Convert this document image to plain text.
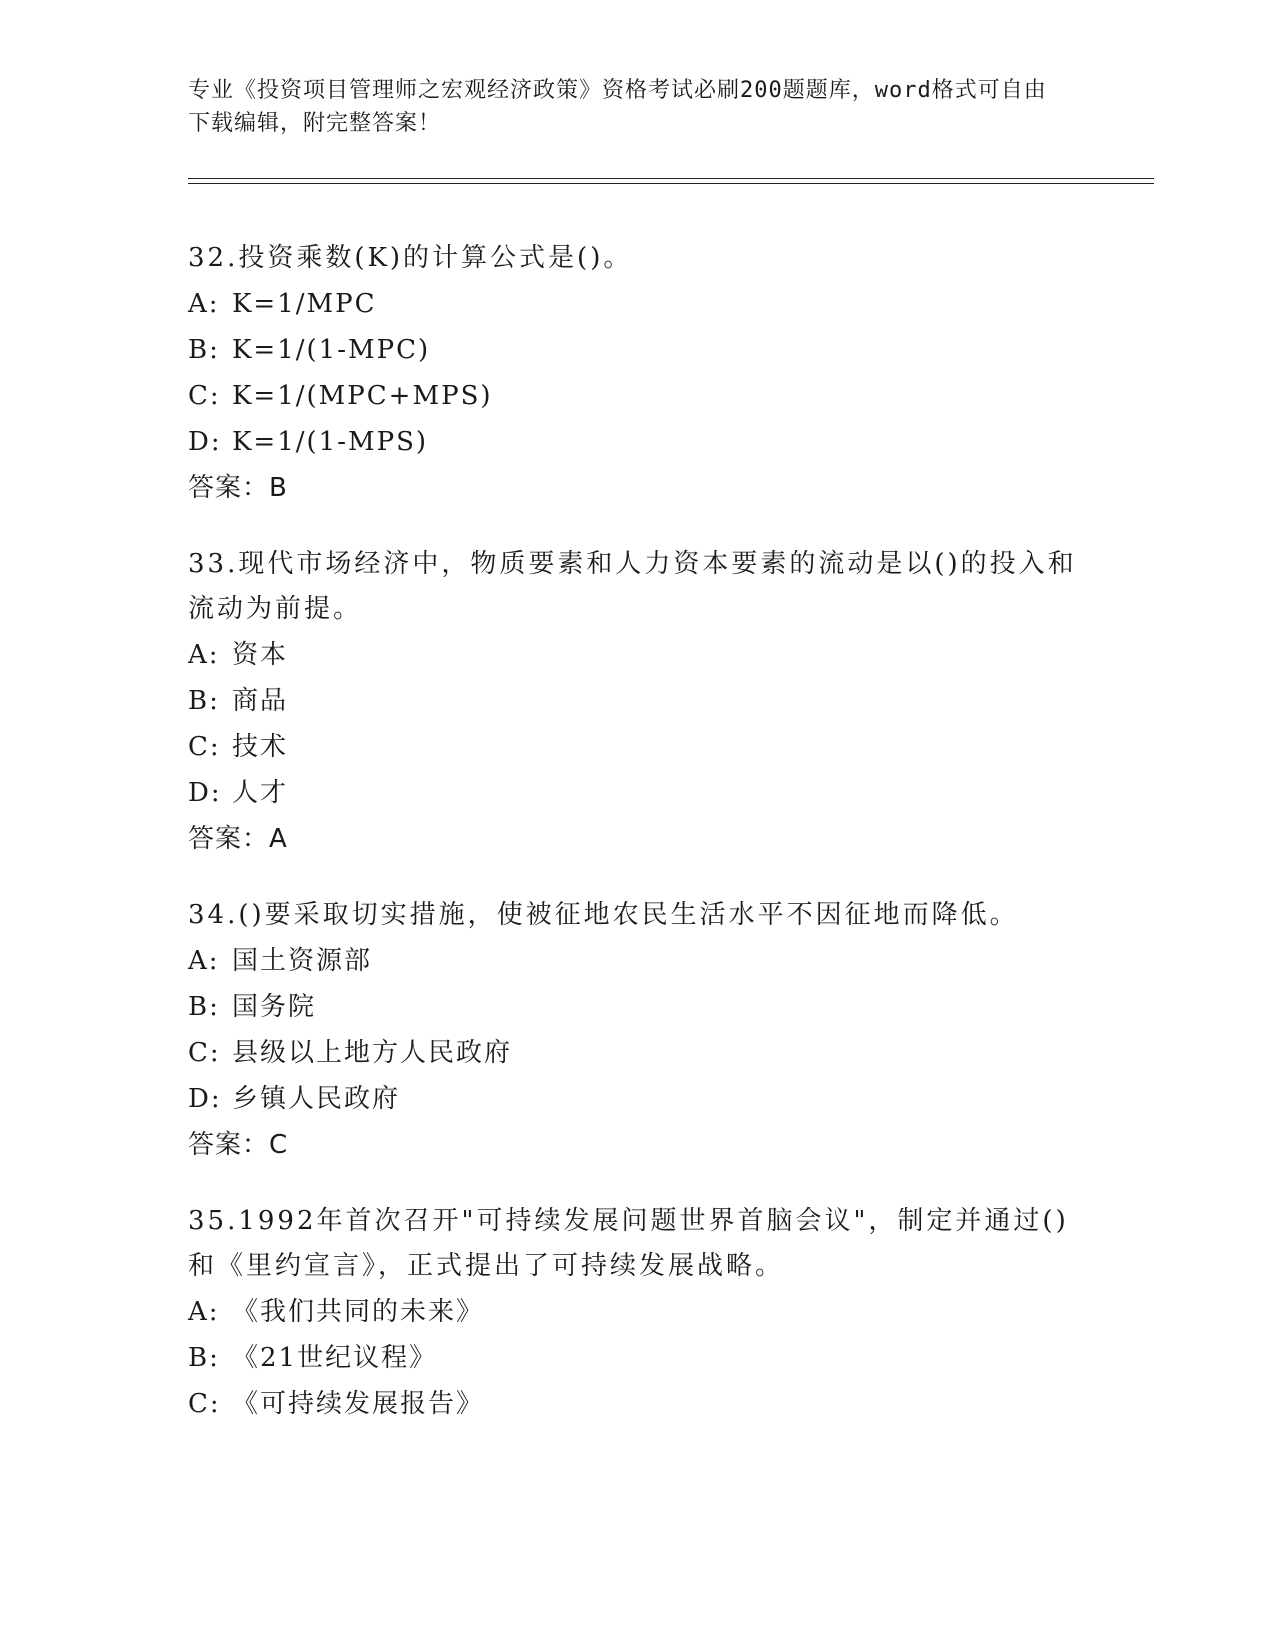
专业《投资项目管理师之宏观经济政策》资格考试必刷200题题库，word格式可自由下载编辑，附完整答案！

32.投资乘数(K)的计算公式是()。

A: K=1/MPC

B: K=1/(1-MPC)

C: K=1/(MPC+MPS)

D: K=1/(1-MPS)

答案：B

33.现代市场经济中，物质要素和人力资本要素的流动是以()的投入和流动为前提。

A: 资本

B: 商品

C: 技术

D: 人才

答案：A

34.()要采取切实措施，使被征地农民生活水平不因征地而降低。

A: 国土资源部

B: 国务院

C: 县级以上地方人民政府

D: 乡镇人民政府

答案：C

35.1992年首次召开"可持续发展问题世界首脑会议"，制定并通过()和《里约宣言》，正式提出了可持续发展战略。

A: 《我们共同的未来》

B: 《21世纪议程》

C: 《可持续发展报告》
